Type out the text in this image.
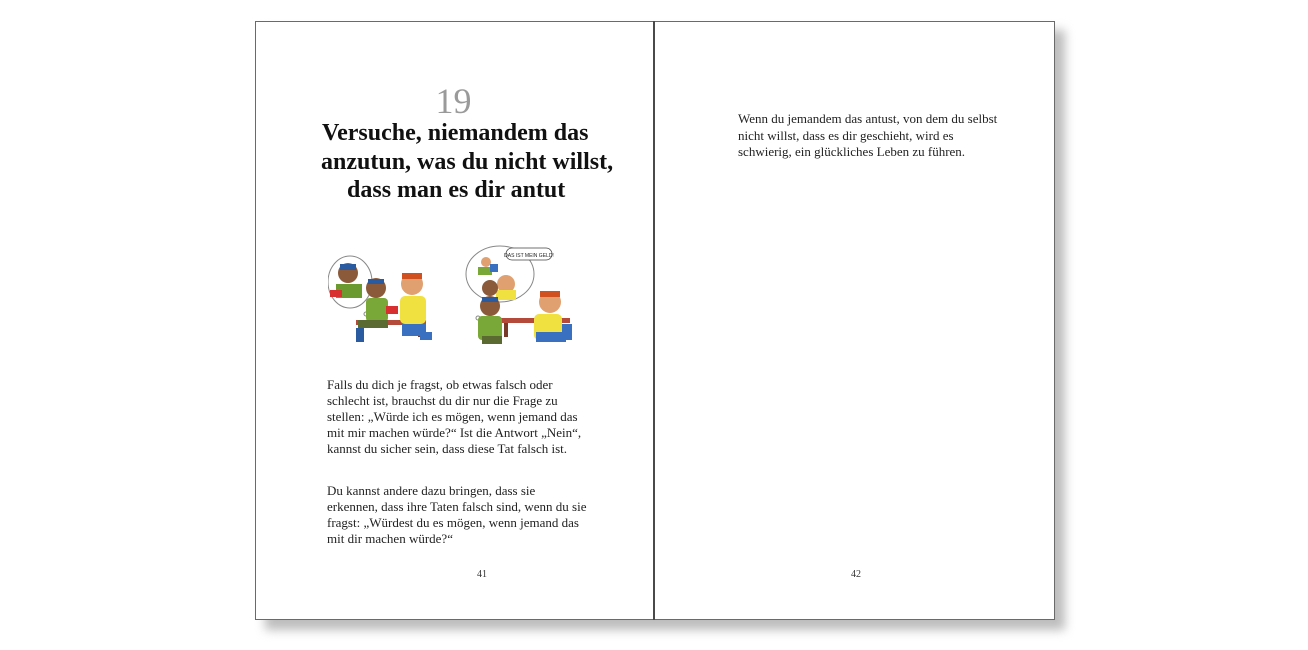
19
Versuche, niemandem das
anzutun, was du nicht willst,
dass man es dir antut
DAS IST MEIN GELD!

Falls du dich je fragst, ob etwas falsch oder schlecht ist, brauchst du dir nur die Frage zu stellen: „Würde ich es mögen, wenn jemand das mit mir machen würde?“ Ist die Antwort „Nein“, kannst du sicher sein, dass diese Tat falsch ist.

Du kannst andere dazu bringen, dass sie erkennen, dass ihre Taten falsch sind, wenn du sie fragst: „Würdest du es mögen, wenn jemand das mit dir machen würde?“

41

Wenn du jemandem das antust, von dem du selbst nicht willst, dass es dir geschieht, wird es schwierig, ein glückliches Leben zu führen.

42
